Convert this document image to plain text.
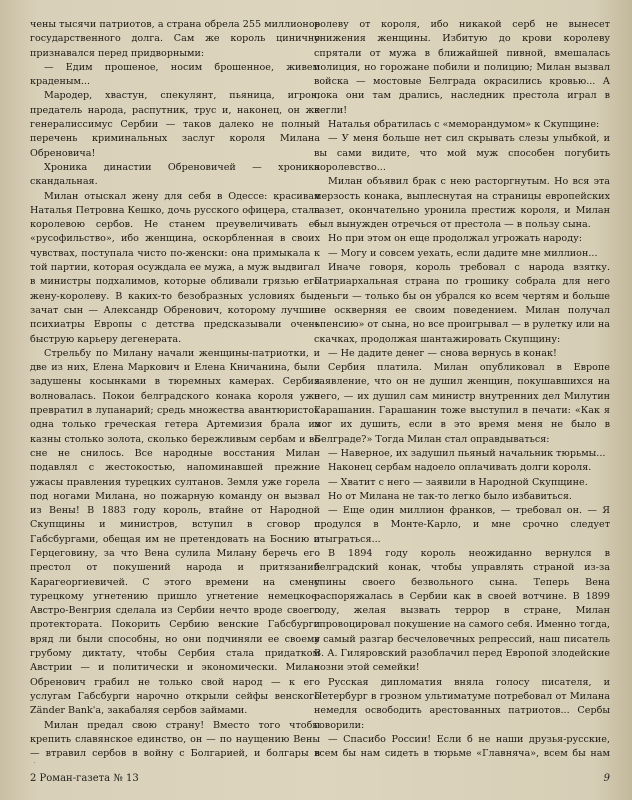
чены тысячи патриотов, а страна обрела 255 миллионов государственного долга. Сам же король цинично признавался перед придворными:

— Едим прошеное, носим брошенное, живем краденым...

Мародер, хвастун, спекулянт, пьяница, игрок, предатель народа, распутник, трус и, наконец, он же генералиссимус Сербии — таков далеко не полный перечень криминальных заслуг короля Милана Обреновича!

Хроника династии Обреновичей — хроника скандальная.

Милан отыскал жену для себя в Одессе: красивая Наталья Петровна Кешко, дочь русского офицера, стала королевою сербов. Не станем преувеличивать ее «русофильство», ибо женщина, оскорбленная в своих чувствах, поступала чисто по-женски: она примыкала к той партии, которая осуждала ее мужа, а муж выдвигал в министры подхалимов, которые обливали грязью его жену-королеву. В каких-то безобразных условиях был зачат сын — Александр Обренович, которому лучшие психиатры Европы с детства предсказывали очень быструю карьеру дегенерата.

Стрельбу по Милану начали женщины-патриотки, и две из них, Елена Маркович и Елена Кничанина, были задушены косынками в тюремных камерах. Сербия волновалась. Покои белградского конака короля уже превратил в лупанарий; средь множества авантюристок одна только греческая гетера Артемизия брала из казны столько золота, сколько бережливым сербам и во сне не снилось. Все народные восстания Милан подавлял с жестокостью, напоминавшей прежние ужасы правления турецких султанов. Земля уже горела под ногами Милана, но пожарную команду он вызвал из Вены! В 1883 году король, втайне от Народной Скупщины и министров, вступил в сговор с Габсбургами, обещая им не претендовать на Боснию и Герцеговину, за что Вена сулила Милану беречь его престол от покушений народа и притязаний Карагеоргиевичей. С этого времени на смену турецкому угнетению пришло угнетение немецкое: Австро-Венгрия сделала из Сербии нечто вроде своего протектората. Покорить Сербию венские Габсбурги вряд ли были способны, но они подчиняли ее своему грубому диктату, чтобы Сербия стала придатком Австрии — и политически и экономически. Милан Обренович грабил не только свой народ — к его услугам Габсбурги нарочно открыли сейфы венского Zänder Bank'а, закабаляя сербов займами.

Милан предал свою страну! Вместо того чтобы крепить славянское единство, он — по наущению Вены — втравил сербов в войну с Болгарией, и болгары в

ролеву от короля, ибо никакой серб не вынесет унижения женщины. Избитую до крови королеву спрятали от мужа в ближайшей пивной, вмешалась полиция, но горожане побили и полицию; Милан вызвал войска — мостовые Белграда окрасились кровью... А пока они там дрались, наследник престола играл в кегли!

Наталья обратилась с «меморандумом» к Скупщине:

— У меня больше нет сил скрывать слезы улыбкой, и вы сами видите, что мой муж способен погубить королевство...

Милан объявил брак с нею расторгнутым. Но вся эта мерзость конака, выплеснутая на страницы европейских газет, окончательно уронила престиж короля, и Милан был вынужден отречься от престола — в пользу сына.

Но при этом он еще продолжал угрожать народу:

— Могу и совсем уехать, если дадите мне миллион...

Иначе говоря, король требовал с народа взятку. Патриархальная страна по грошику собрала для него деньги — только бы он убрался ко всем чертям и больше не оскверняя ее своим поведением. Милан получал «пенсию» от сына, но все проигрывал — в рулетку или на скачках, продолжая шантажировать Скупщину:

— Не дадите денег — снова вернусь в конак!

Сербия платила. Милан опубликовал в Европе заявление, что он не душил женщин, покушавшихся на него, — их душил сам министр внутренних дел Милутин Гарашанин. Гарашанин тоже выступил в печати: «Как я мог их душить, если в это время меня не было в Белграде?» Тогда Милан стал оправдываться:

— Наверное, их задушил пьяный начальник тюрьмы...

Наконец сербам надоело оплачивать долги короля.

— Хватит с него — заявили в Народной Скупщине.

Но от Милана не так-то легко было избавиться.

— Еще один миллион франков, — требовал он. — Я продулся в Монте-Карло, и мне срочно следует отыграться...

В 1894 году король неожиданно вернулся в белградский конак, чтобы управлять страной из-за спины своего безвольного сына. Теперь Вена распоряжалась в Сербии как в своей вотчине. В 1899 году, желая вызвать террор в стране, Милан спровоцировал покушение на самого себя. Именно тогда, в самый разгар бесчеловечных репрессий, наш писатель В. А. Гиляровский разоблачил перед Европой злодейские козни этой семейки!

Русская дипломатия вняла голосу писателя, и Петербург в грозном ультиматуме потребовал от Милана немедля освободить арестованных патриотов... Сербы говорили:

— Спасибо России! Если б не наши друзья-русские, всем бы нам сидеть в тюрьме «Главняча», всем бы нам

2 Роман-газета № 13	9
